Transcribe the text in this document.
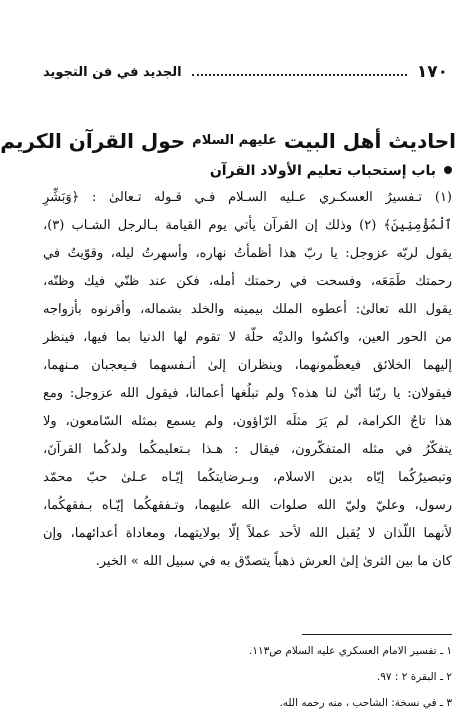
١٧٠
الجديد في فن التجويد
احاديث أهل البيت $^{عليهم السلام}$ حول القرآن الكريم
باب إستحباب تعليم الأولاد القرآن
(١) تـفسيرُ العسكـري عـليه السـلام فـي قـوله تـعالىٰ : ﴿وَبَشِّرِ
ٱلْمُؤْمِنِينَ﴾ (٢) وذلك إن القرآن يأتي يوم القيامة بـالرجل الشـاب (٣)،
يقول لربّه عزوجل: يا ربّ هذا أظمأتُ نهاره، وأسهرتُ ليله، وقوّيتُ في
رحمتك طَمَعَه، وفسحت في رحمتك أمله، فكن عند ظنّي فيك وظنّه،
يقول الله تعالىٰ: أعطوه الملك بيمينه والخلد بشماله، وأقرنوه بأزواجه
من الحور العين، واكسُوا والديْه حلّة لا تقوم لها الدنيا بما فيها، فينظر
إليهما الخلائق فيعظّمونهما، وينظران إلىٰ أنـفسهما فـيعجبان مـنهما،
فيقولان: يا ربّنا أنّىٰ لنا هذه؟ ولم تبلُغها أعمالنا، فيقول الله عزوجل: ومع
هذا تاجُ الكرامة، لم يَرَ مثلَه الرّاؤون، ولم يسمع بمثله السّامعون، ولا
يتفكّرُ في مثله المتفكّرون، فيقال : هـذا بـتعليمكُما ولدكُما القرآنَ،
وتبصيرُكُما إيّاه بدين الاسلام، وبـرضايتكُما إيّـاه عـلىٰ حبّ محمّد
رسول، وعليّ وليّ الله صلوات الله عليهما، وتـفقهكُما إيّـاه بـفقهكُما،
لأنهما اللّذان لا يُقبل الله لأحد عملاً إلّا بولايتهما، ومعاداة أعدائهما، وإن
كان ما بين الثرىٰ إلىٰ العرش ذهباً يتصدّق به في سبيل الله » الخير.
١ ـ تفسير الامام العسكري عليه السلام ص١١٣.
٢ ـ البقرة ٢ : ٩٧.
٣ ـ في نسخة: الشاحب ، منه رحمه الله.
